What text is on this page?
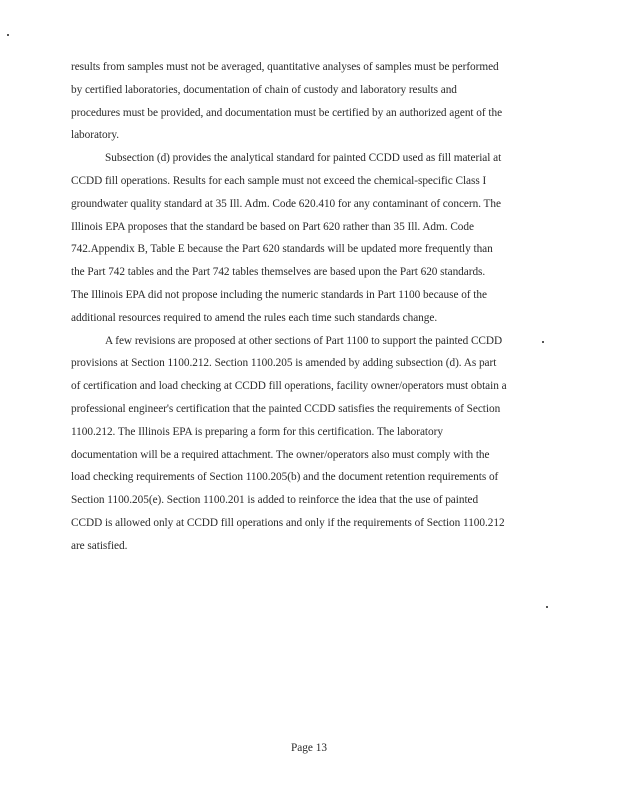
results from samples must not be averaged, quantitative analyses of samples must be performed
by certified laboratories, documentation of chain of custody and laboratory results and
procedures must be provided, and documentation must be certified by an authorized agent of the
laboratory.

Subsection (d) provides the analytical standard for painted CCDD used as fill material at
CCDD fill operations. Results for each sample must not exceed the chemical-specific Class I
groundwater quality standard at 35 Ill. Adm. Code 620.410 for any contaminant of concern. The
Illinois EPA proposes that the standard be based on Part 620 rather than 35 Ill. Adm. Code
742.Appendix B, Table E because the Part 620 standards will be updated more frequently than
the Part 742 tables and the Part 742 tables themselves are based upon the Part 620 standards.
The Illinois EPA did not propose including the numeric standards in Part 1100 because of the
additional resources required to amend the rules each time such standards change.

A few revisions are proposed at other sections of Part 1100 to support the painted CCDD
provisions at Section 1100.212. Section 1100.205 is amended by adding subsection (d). As part
of certification and load checking at CCDD fill operations, facility owner/operators must obtain a
professional engineer's certification that the painted CCDD satisfies the requirements of Section
1100.212. The Illinois EPA is preparing a form for this certification. The laboratory
documentation will be a required attachment. The owner/operators also must comply with the
load checking requirements of Section 1100.205(b) and the document retention requirements of
Section 1100.205(e). Section 1100.201 is added to reinforce the idea that the use of painted
CCDD is allowed only at CCDD fill operations and only if the requirements of Section 1100.212
are satisfied.

Page 13
